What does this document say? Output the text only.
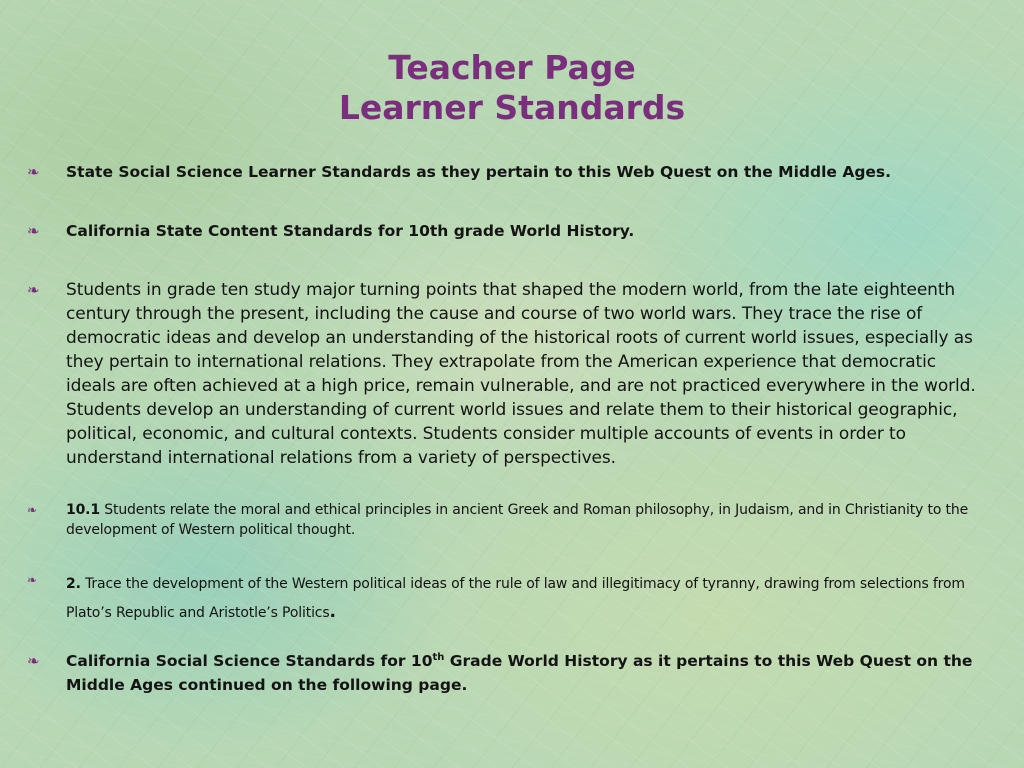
Teacher Page
Learner Standards
❧	State Social Science Learner Standards as they pertain to this Web Quest on the Middle Ages.
❧	California State Content Standards for 10th grade World History.
❧	Students in grade ten study major turning points that shaped the modern world, from the late eighteenth century through the present, including the cause and course of two world wars. They trace the rise of democratic ideas and develop an understanding of the historical roots of current world issues, especially as they pertain to international relations. They extrapolate from the American experience that democratic ideals are often achieved at a high price, remain vulnerable, and are not practiced everywhere in the world. Students develop an understanding of current world issues and relate them to their historical geographic, political, economic, and cultural contexts. Students consider multiple accounts of events in order to understand international relations from a variety of perspectives.
❧	10.1 Students relate the moral and ethical principles in ancient Greek and Roman philosophy, in Judaism, and in Christianity to the development of Western political thought.
❧	2. Trace the development of the Western political ideas of the rule of law and illegitimacy of tyranny, drawing from selections from Plato’s Republic and Aristotle’s Politics.
❧	California Social Science Standards for 10th Grade World History as it pertains to this Web Quest on the Middle Ages continued on the following page.
